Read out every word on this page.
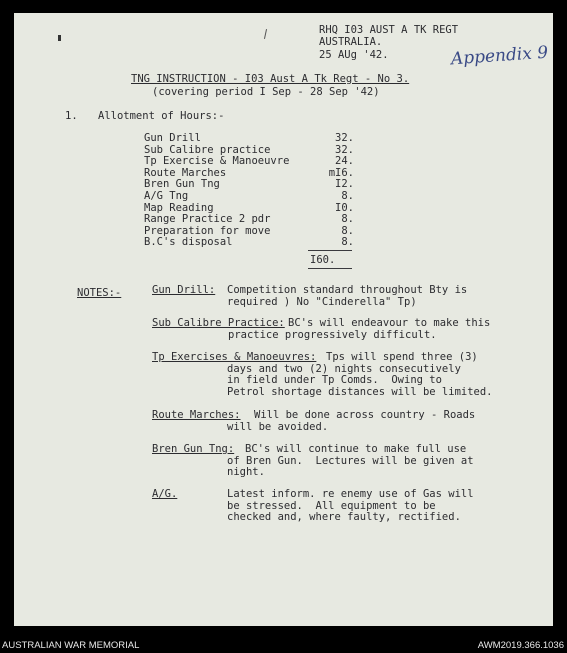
RHQ I03 AUST A TK REGT
AUSTRALIA.
25 AUg '42.	Appendix 9
TNG INSTRUCTION - I03 Aust A Tk Regt - No 3.
(covering period I Sep - 28 Sep '42)
1. Allotment of Hours:-
Gun Drill	32.
Sub Calibre practice	32.
Tp Exercise & Manoeuvre	24.
Route Marches	mI6.
Bren Gun Tng	I2.
A/G Tng	8.
Map Reading	I0.
Range Practice 2 pdr	8.
Preparation for move	8.
B.C's disposal	8.
I60.
NOTES:-	Gun Drill: Competition standard throughout Bty is
required ) No "Cinderella" Tp)
Sub Calibre Practice: BC's will endeavour to make this
practice progressively difficult.
Tp Exercises & Manoeuvres: Tps will spend three (3)
days and two (2) nights consecutively
in field under Tp Comds.  Owing to
Petrol shortage distances will be limited.
Route Marches: Will be done across country - Roads
will be avoided.
Bren Gun Tng: BC's will continue to make full use
of Bren Gun.  Lectures will be given at
night.
A/G.	Latest inform. re enemy use of Gas will
be stressed.  All equipment to be
checked and, where faulty, rectified.
AUSTRALIAN WAR MEMORIAL	AWM2019.366.1036
